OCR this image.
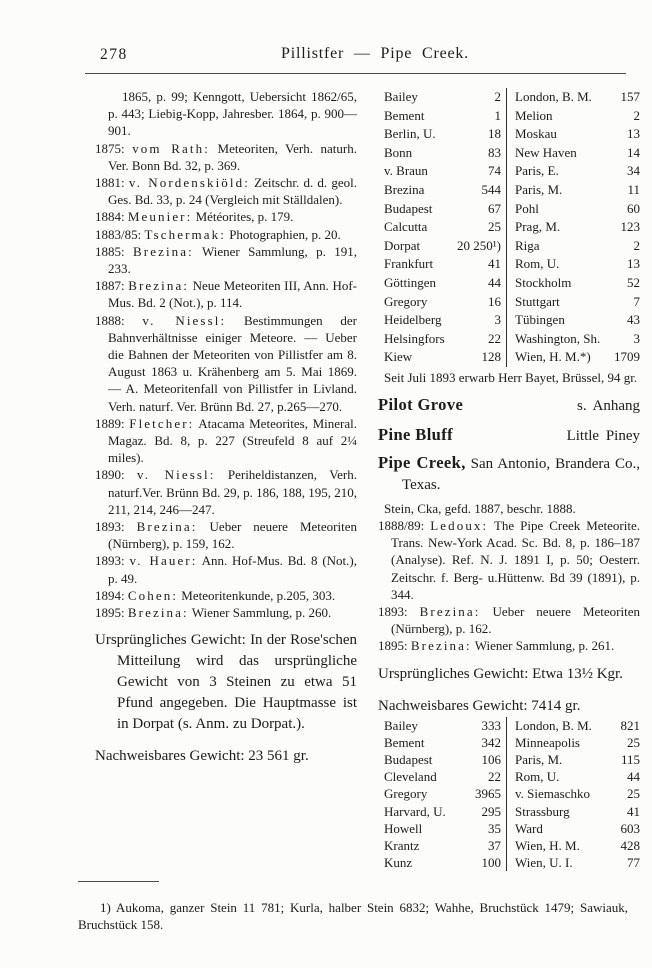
278	Pillistfer — Pipe Creek.

1865, p. 99; Kenngott, Uebersicht 1862/65, p. 443; Liebig-Kopp, Jahresber. 1864, p. 900—901.

1875: vom Rath: Meteoriten, Verh. naturh. Ver. Bonn Bd. 32, p. 369.

1881: v. Nordenskiöld: Zeitschr. d. d. geol. Ges. Bd. 33, p. 24 (Vergleich mit Ställdalen).

1884: Meunier: Météorites, p. 179.

1883/85: Tschermak: Photographien, p. 20.

1885: Brezina: Wiener Sammlung, p. 191, 233.

1887: Brezina: Neue Meteoriten III, Ann. Hof-Mus. Bd. 2 (Not.), p. 114.

1888: v. Niessl: Bestimmungen der Bahnverhältnisse einiger Meteore. — Ueber die Bahnen der Meteoriten von Pillistfer am 8. August 1863 u. Krähenberg am 5. Mai 1869. — A. Meteoritenfall von Pillistfer in Livland. Verh. naturf. Ver. Brünn Bd. 27, p.265—270.

1889: Fletcher: Atacama Meteorites, Mineral. Magaz. Bd. 8, p. 227 (Streufeld 8 auf 2¼ miles).

1890: v. Niessl: Periheldistanzen, Verh. naturf.Ver. Brünn Bd. 29, p. 186, 188, 195, 210, 211, 214, 246—247.

1893: Brezina: Ueber neuere Meteoriten (Nürnberg), p. 159, 162.

1893: v. Hauer: Ann. Hof-Mus. Bd. 8 (Not.), p. 49.

1894: Cohen: Meteoritenkunde, p.205, 303.

1895: Brezina: Wiener Sammlung, p. 260.

Ursprüngliches Gewicht: In der Rose'schen Mitteilung wird das ursprüngliche Gewicht von 3 Steinen zu etwa 51 Pfund angegeben. Die Hauptmasse ist in Dorpat (s. Anm. zu Dorpat.).

Nachweisbares Gewicht: 23 561 gr.

Bailey	2	London, B. M.	157
Bement	1	Melion	2
Berlin, U.	18	Moskau	13
Bonn	83	New Haven	14
v. Braun	74	Paris, E.	34
Brezina	544	Paris, M.	11
Budapest	67	Pohl	60
Calcutta	25	Prag, M.	123
Dorpat	20 250¹)	Riga	2
Frankfurt	41	Rom, U.	13
Göttingen	44	Stockholm	52
Gregory	16	Stuttgart	7
Heidelberg	3	Tübingen	43
Helsingfors	22	Washington, Sh.	3
Kiew	128	Wien, H. M.*)	1709

Seit Juli 1893 erwarb Herr Bayet, Brüssel, 94 gr.

Pilot Grove	s. Anhang
Pine Bluff	Little Piney

Pipe Creek, San Antonio, Brandera Co., Texas.

Stein, Cka, gefd. 1887, beschr. 1888.

1888/89: Ledoux: The Pipe Creek Meteorite. Trans. New-York Acad. Sc. Bd. 8, p. 186–187 (Analyse). Ref. N. J. 1891 I, p. 50; Oesterr. Zeitschr. f. Berg- u.Hüttenw. Bd 39 (1891), p. 344.

1893: Brezina: Ueber neuere Meteoriten (Nürnberg), p. 162.

1895: Brezina: Wiener Sammlung, p. 261.

Ursprüngliches Gewicht: Etwa 13½ Kgr.

Nachweisbares Gewicht: 7414 gr.

Bailey	333	London, B. M.	821
Bement	342	Minneapolis	25
Budapest	106	Paris, M.	115
Cleveland	22	Rom, U.	44
Gregory	3965	v. Siemaschko	25
Harvard, U.	295	Strassburg	41
Howell	35	Ward	603
Krantz	37	Wien, H. M.	428
Kunz	100	Wien, U. I.	77

1) Aukoma, ganzer Stein 11 781; Kurla, halber Stein 6832; Wahhe, Bruchstück 1479; Sawiauk, Bruchstück 158.
